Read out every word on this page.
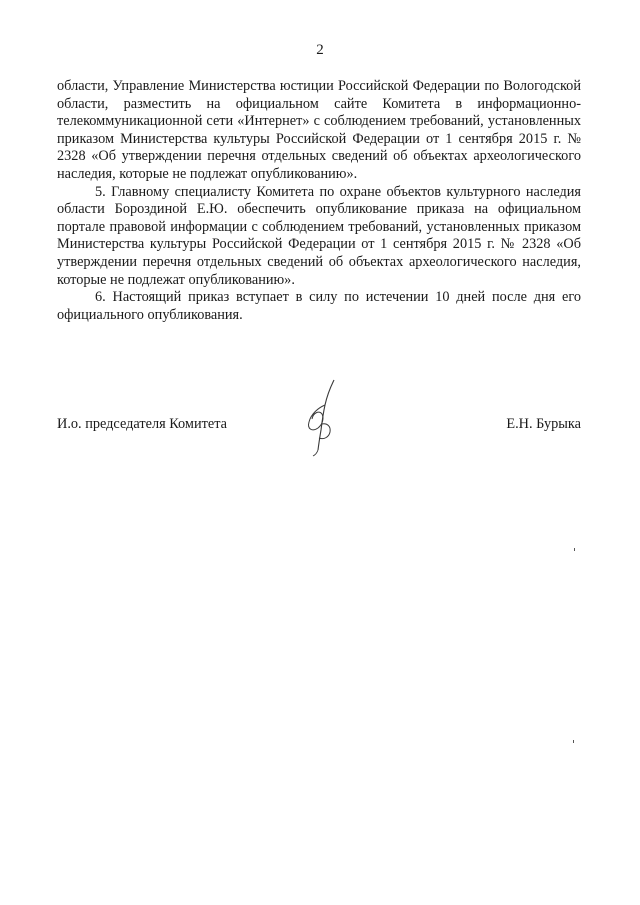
2

области, Управление Министерства юстиции Российской Федерации по Вологодской области, разместить на официальном сайте Комитета в информационно-телекоммуникационной сети «Интернет» с соблюдением требований, установленных приказом Министерства культуры Российской Федерации от 1 сентября 2015 г. № 2328 «Об утверждении перечня отдельных сведений об объектах археологического наследия, которые не подлежат опубликованию».

5. Главному специалисту Комитета по охране объектов культурного наследия области Бороздиной Е.Ю. обеспечить опубликование приказа на официальном портале правовой информации с соблюдением требований, установленных приказом Министерства культуры Российской Федерации от 1 сентября 2015 г. № 2328 «Об утверждении перечня отдельных сведений об объектах археологического наследия, которые не подлежат опубликованию».

6. Настоящий приказ вступает в силу по истечении 10 дней после дня его официального опубликования.

И.о. председателя Комитета	Е.Н. Бурыка
